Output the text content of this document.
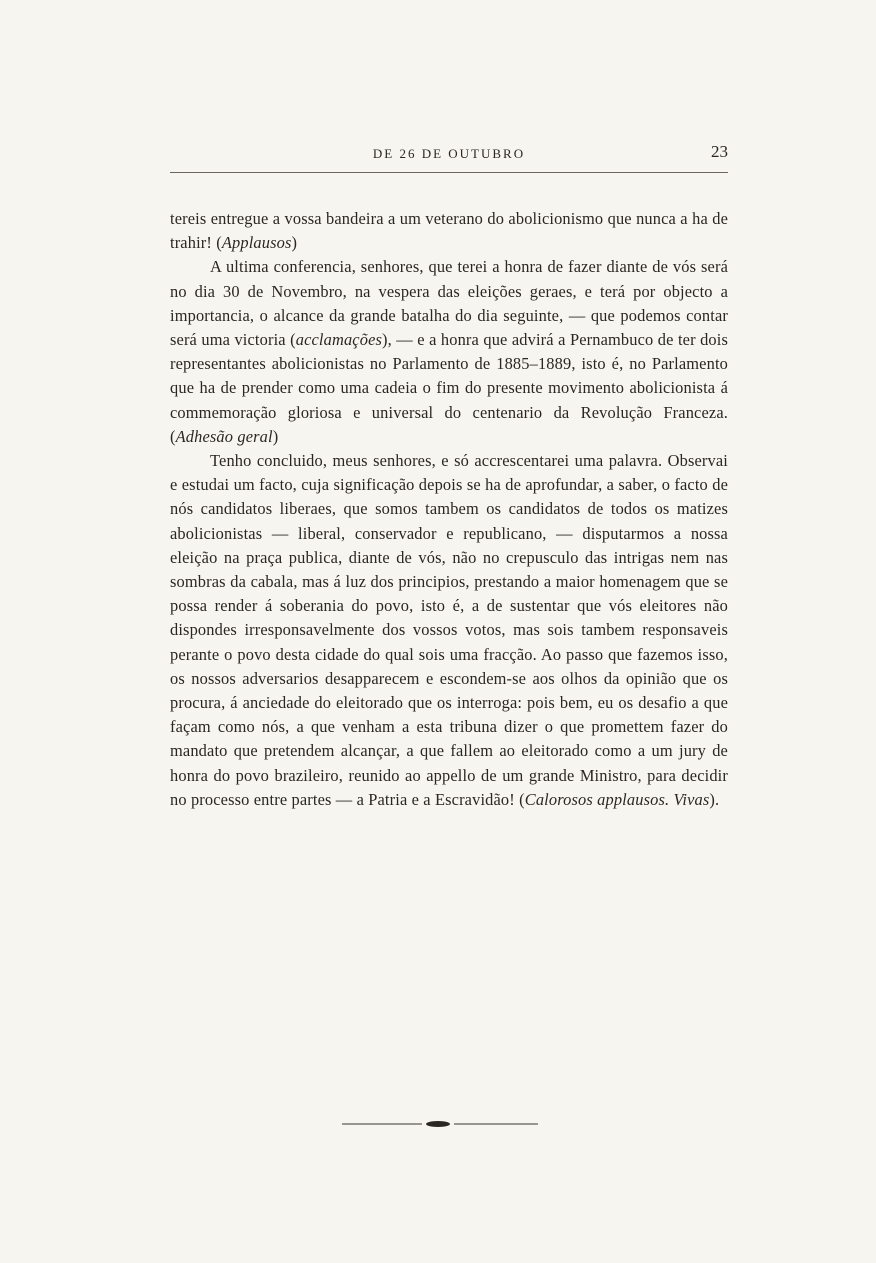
DE 26 DE OUTUBRO	23

tereis entregue a vossa bandeira a um veterano do abolicionismo que nunca a ha de trahir! (Applausos)

A ultima conferencia, senhores, que terei a honra de fazer diante de vós será no dia 30 de Novembro, na vespera das eleições geraes, e terá por objecto a importancia, o alcance da grande batalha do dia seguinte, — que podemos contar será uma victoria (acclamações), — e a honra que advirá a Pernambuco de ter dois representantes abolicionistas no Parlamento de 1885–1889, isto é, no Parlamento que ha de prender como uma cadeia o fim do presente movimento abolicionista á commemoração gloriosa e universal do centenario da Revolução Franceza. (Adhesão geral)

Tenho concluido, meus senhores, e só accrescentarei uma palavra. Observai e estudai um facto, cuja significação depois se ha de aprofundar, a saber, o facto de nós candidatos liberaes, que somos tambem os candidatos de todos os matizes abolicionistas — liberal, conservador e republicano, — disputarmos a nossa eleição na praça publica, diante de vós, não no crepusculo das intrigas nem nas sombras da cabala, mas á luz dos principios, prestando a maior homenagem que se possa render á soberania do povo, isto é, a de sustentar que vós eleitores não dispondes irresponsavelmente dos vossos votos, mas sois tambem responsaveis perante o povo desta cidade do qual sois uma fracção. Ao passo que fazemos isso, os nossos adversarios desapparecem e escondem-se aos olhos da opinião que os procura, á anciedade do eleitorado que os interroga: pois bem, eu os desafio a que façam como nós, a que venham a esta tribuna dizer o que promettem fazer do mandato que pretendem alcançar, a que fallem ao eleitorado como a um jury de honra do povo brazileiro, reunido ao appello de um grande Ministro, para decidir no processo entre partes — a Patria e a Escravidão! (Calorosos applausos. Vivas).
